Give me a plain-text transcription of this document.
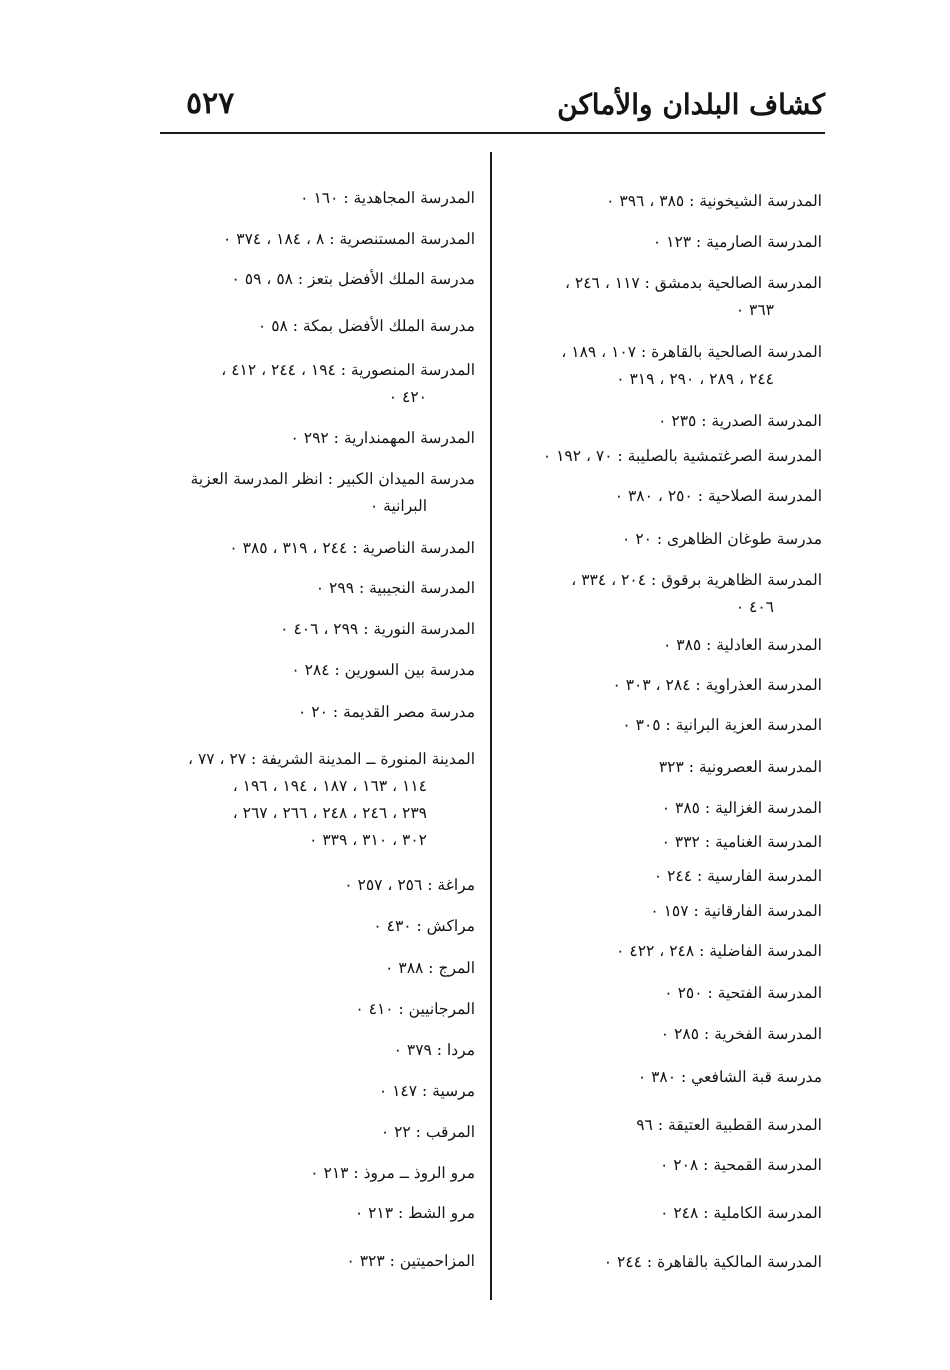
كشاف البلدان والأماكن
٥٢٧
المدرسة الشيخونية : ٣٨٥ ، ٣٩٦ ٠
المدرسة الصارمية : ١٢٣ ٠
المدرسة الصالحية بدمشق : ١١٧ ، ٢٤٦ ،
٣٦٣ ٠
المدرسة الصالحية بالقاهرة : ١٠٧ ، ١٨٩ ،
٢٤٤ ، ٢٨٩ ، ٢٩٠ ، ٣١٩ ٠
المدرسة الصدرية : ٢٣٥ ٠
المدرسة الصرغتمشية بالصليبة : ٧٠ ، ١٩٢ ٠
المدرسة الصلاحية : ٢٥٠ ، ٣٨٠ ٠
مدرسة طوغان الظاهرى : ٢٠ ٠
المدرسة الظاهرية برقوق : ٢٠٤ ، ٣٣٤ ،
٤٠٦ ٠
المدرسة العادلية : ٣٨٥ ٠
المدرسة العذراوية : ٢٨٤ ، ٣٠٣ ٠
المدرسة العزية البرانية : ٣٠٥ ٠
المدرسة العصرونية : ٣٢٣
المدرسة الغزالية : ٣٨٥ ٠
المدرسة الغنامية : ٣٣٢ ٠
المدرسة الفارسية : ٢٤٤ ٠
المدرسة الفارقانية : ١٥٧ ٠
المدرسة الفاضلية : ٢٤٨ ، ٤٢٢ ٠
المدرسة الفتحية : ٢٥٠ ٠
المدرسة الفخرية : ٢٨٥ ٠
مدرسة قبة الشافعي : ٣٨٠ ٠
المدرسة القطبية العتيقة : ٩٦
المدرسة القمحية : ٢٠٨ ٠
المدرسة الكاملية : ٢٤٨ ٠
المدرسة المالكية بالقاهرة : ٢٤٤ ٠
المدرسة المجاهدية : ١٦٠ ٠
المدرسة المستنصرية : ٨ ، ١٨٤ ، ٣٧٤ ٠
مدرسة الملك الأفضل بتعز : ٥٨ ، ٥٩ ٠
مدرسة الملك الأفضل بمكة : ٥٨ ٠
المدرسة المنصورية : ١٩٤ ، ٢٤٤ ، ٤١٢ ،
٤٢٠ ٠
المدرسة المهمندارية : ٢٩٢ ٠
مدرسة الميدان الكبير : انظر المدرسة العزية
البرانية ٠
المدرسة الناصرية : ٢٤٤ ، ٣١٩ ، ٣٨٥ ٠
المدرسة النجيبية : ٢٩٩ ٠
المدرسة النورية : ٢٩٩ ، ٤٠٦ ٠
مدرسة بين السورين : ٢٨٤ ٠
مدرسة مصر القديمة : ٢٠ ٠
المدينة المنورة ــ المدينة الشريفة : ٢٧ ، ٧٧ ،
١١٤ ، ١٦٣ ، ١٨٧ ، ١٩٤ ، ١٩٦ ،
٢٣٩ ، ٢٤٦ ، ٢٤٨ ، ٢٦٦ ، ٢٦٧ ،
٣٠٢ ، ٣١٠ ، ٣٣٩ ٠
مراغة : ٢٥٦ ، ٢٥٧ ٠
مراكش : ٤٣٠ ٠
المرج : ٣٨٨ ٠
المرجانيين : ٤١٠ ٠
مردا : ٣٧٩ ٠
مرسية : ١٤٧ ٠
المرقب : ٢٢ ٠
مرو الروذ ــ مروذ : ٢١٣ ٠
مرو الشط : ٢١٣ ٠
المزاحميتين : ٣٢٣ ٠
